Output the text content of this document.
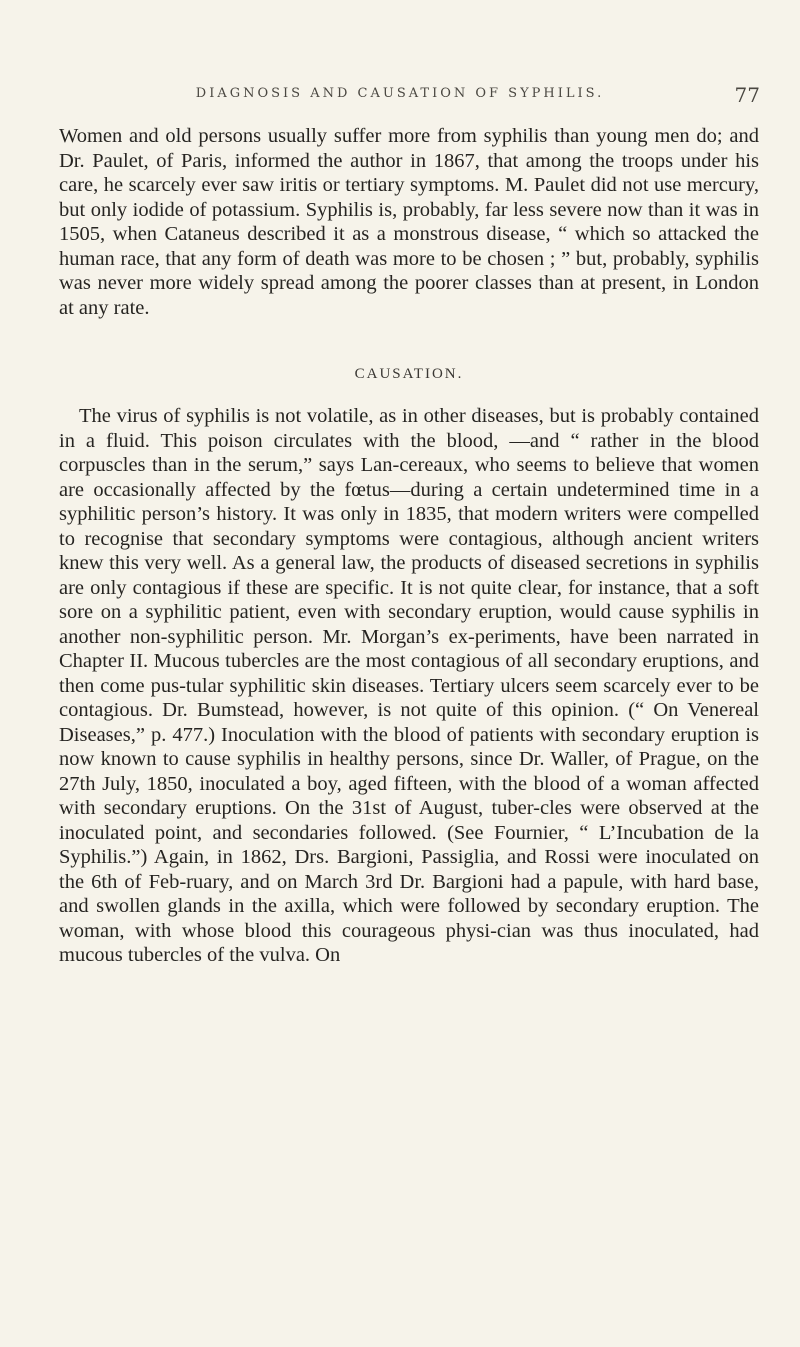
DIAGNOSIS AND CAUSATION OF SYPHILIS.	77
Women and old persons usually suffer more from syphilis than young men do; and Dr. Paulet, of Paris, informed the author in 1867, that among the troops under his care, he scarcely ever saw iritis or tertiary symptoms. M. Paulet did not use mercury, but only iodide of potassium. Syphilis is, probably, far less severe now than it was in 1505, when Cataneus described it as a monstrous disease, “ which so attacked the human race, that any form of death was more to be chosen ; ” but, probably, syphilis was never more widely spread among the poorer classes than at present, in London at any rate.
CAUSATION.
The virus of syphilis is not volatile, as in other diseases, but is probably contained in a fluid. This poison circulates with the blood, —and “ rather in the blood corpuscles than in the serum,” says Lan-cereaux, who seems to believe that women are occasionally affected by the fœtus—during a certain undetermined time in a syphilitic person’s history. It was only in 1835, that modern writers were compelled to recognise that secondary symptoms were contagious, although ancient writers knew this very well. As a general law, the products of diseased secretions in syphilis are only contagious if these are specific. It is not quite clear, for instance, that a soft sore on a syphilitic patient, even with secondary eruption, would cause syphilis in another non-syphilitic person. Mr. Morgan’s ex-periments, have been narrated in Chapter II. Mucous tubercles are the most contagious of all secondary eruptions, and then come pus-tular syphilitic skin diseases. Tertiary ulcers seem scarcely ever to be contagious. Dr. Bumstead, however, is not quite of this opinion. (“ On Venereal Diseases,” p. 477.) Inoculation with the blood of patients with secondary eruption is now known to cause syphilis in healthy persons, since Dr. Waller, of Prague, on the 27th July, 1850, inoculated a boy, aged fifteen, with the blood of a woman affected with secondary eruptions. On the 31st of August, tuber-cles were observed at the inoculated point, and secondaries followed. (See Fournier, “ L’Incubation de la Syphilis.”) Again, in 1862, Drs. Bargioni, Passiglia, and Rossi were inoculated on the 6th of Feb-ruary, and on March 3rd Dr. Bargioni had a papule, with hard base, and swollen glands in the axilla, which were followed by secondary eruption. The woman, with whose blood this courageous physi-cian was thus inoculated, had mucous tubercles of the vulva. On
